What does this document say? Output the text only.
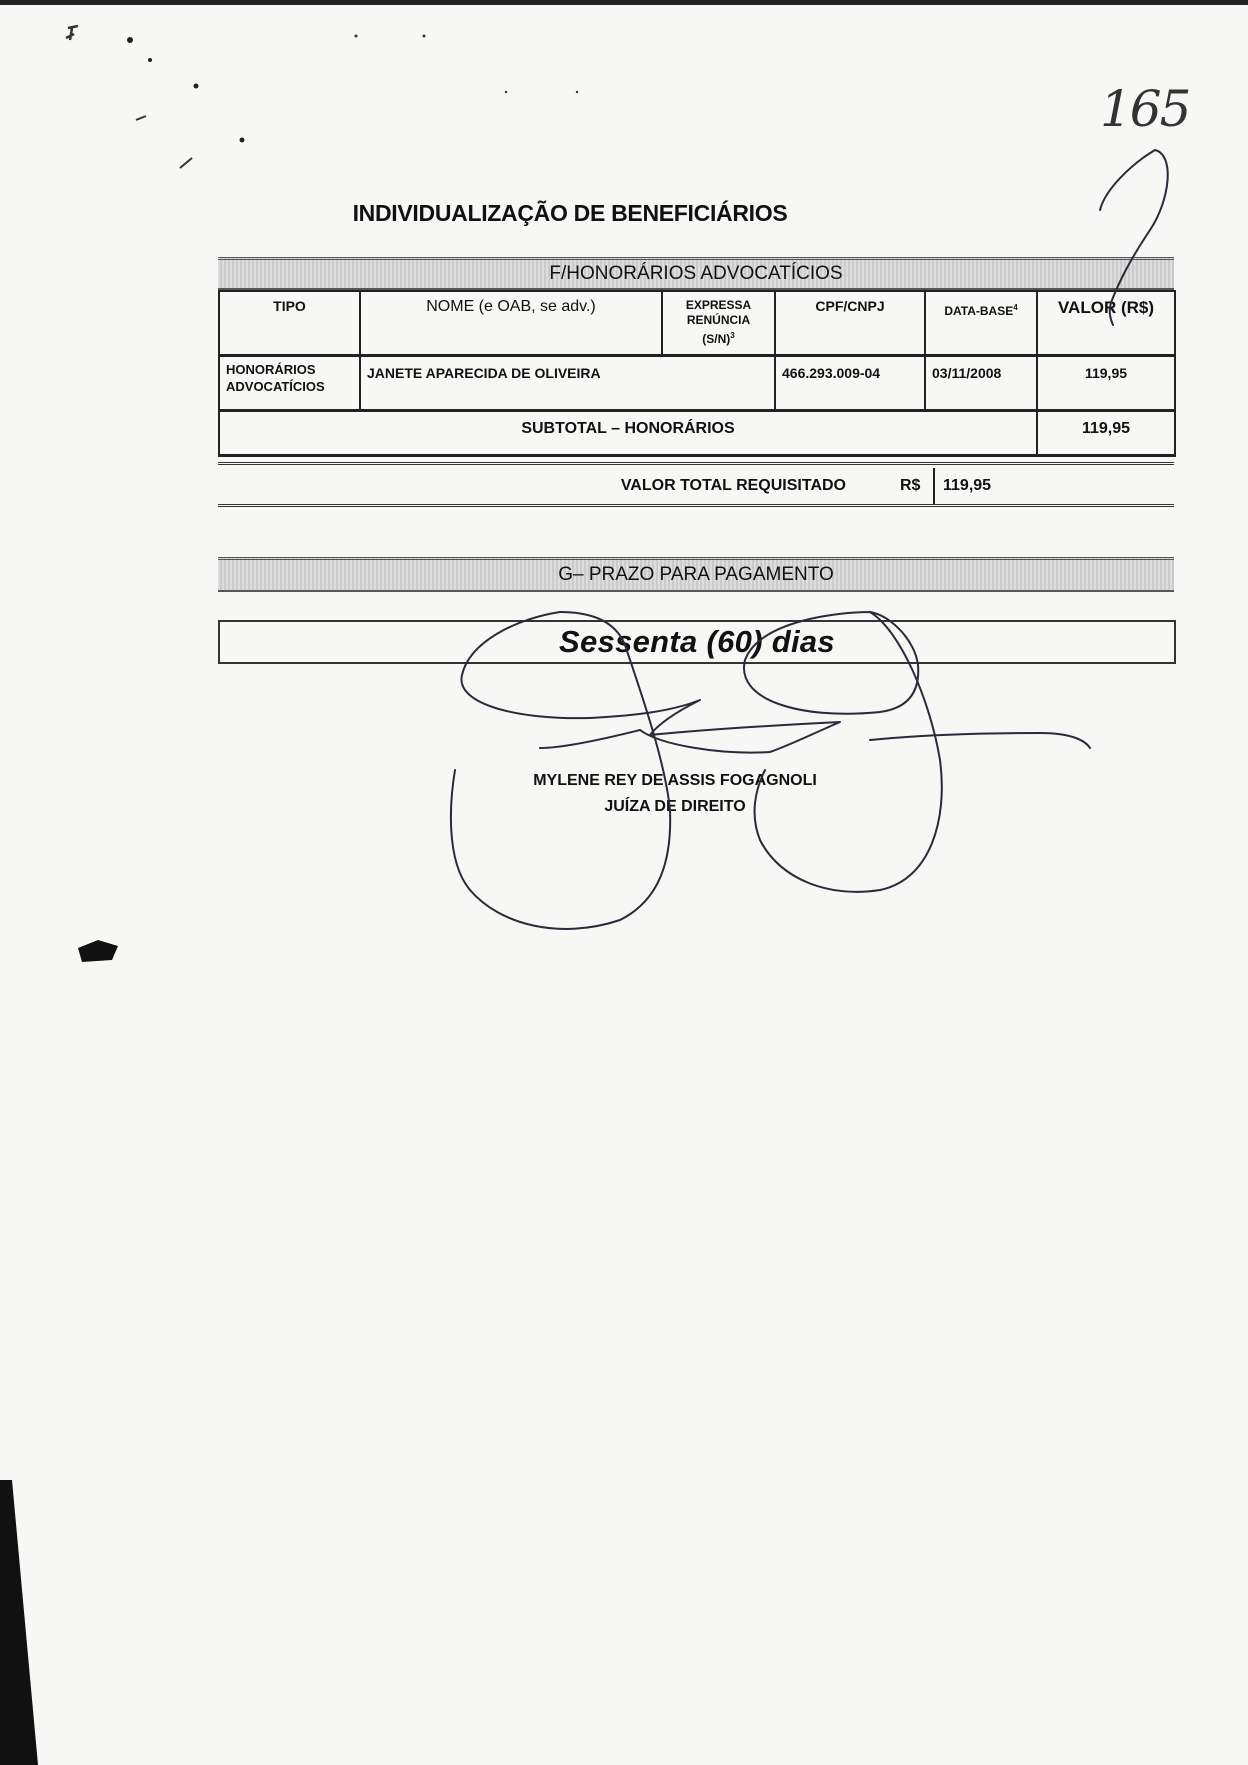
165
INDIVIDUALIZAÇÃO DE BENEFICIÁRIOS
F/HONORÁRIOS ADVOCATÍCIOS
TIPO	NOME (e OAB, se adv.)	EXPRESSA
RENÚNCIA
$(S/N)^3$	CPF/CNPJ	DATA-BASE$^4$	VALOR (R$)
HONORÁRIOS
ADVOCATÍCIOS	JANETE APARECIDA DE OLIVEIRA		466.293.009-04	03/11/2008	119,95
SUBTOTAL – HONORÁRIOS					119,95
VALOR TOTAL REQUISITADO	R$ 119,95
G– PRAZO PARA PAGAMENTO
Sessenta (60) dias
MYLENE REY DE ASSIS FOGAGNOLI
JUÍZA DE DIREITO
